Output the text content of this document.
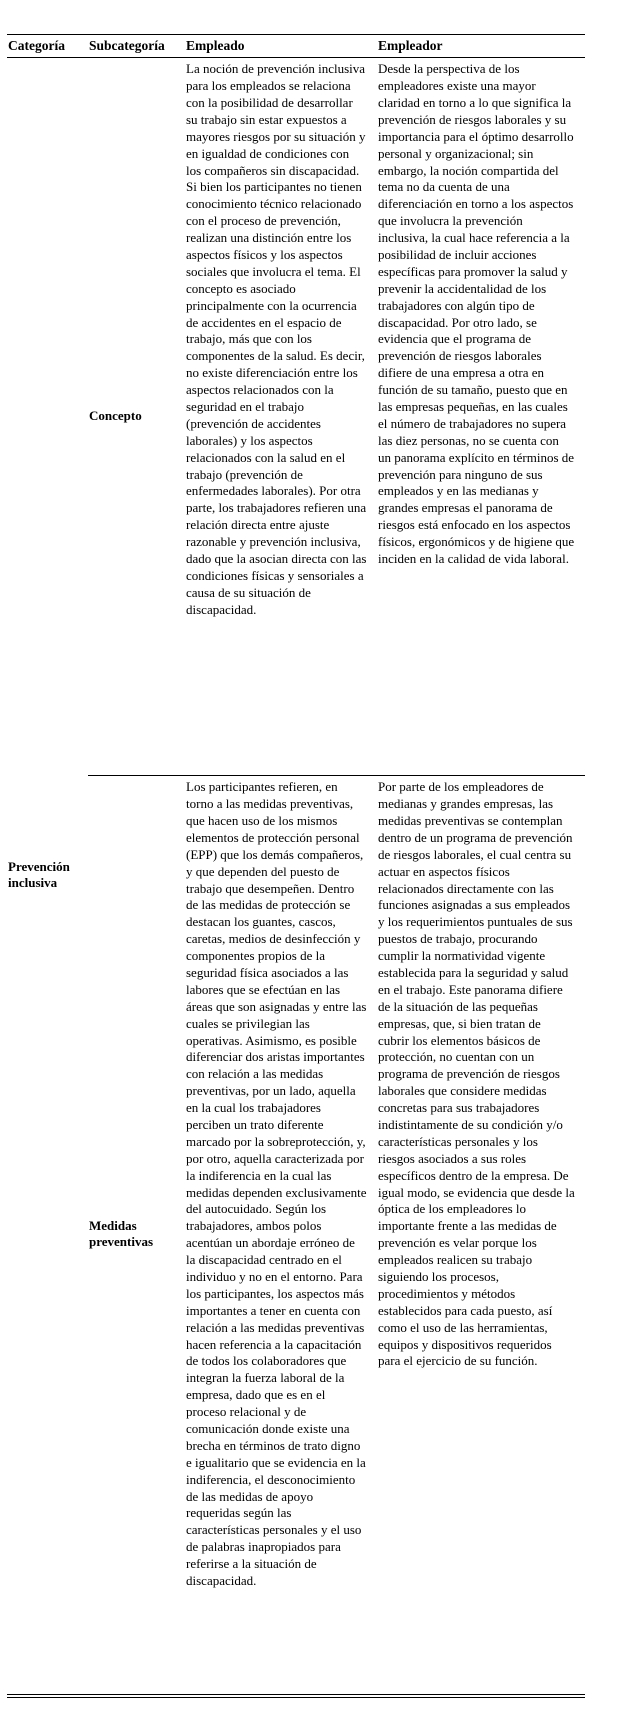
Categoría	Subcategoría	Empleado	Empleador
Prevención inclusiva	Concepto	La noción de prevención inclusiva para los empleados se relaciona con la posibilidad de desarrollar su trabajo sin estar expuestos a mayores riesgos por su situación y en igualdad de condiciones con los compañeros sin discapacidad. Si bien los participantes no tienen conocimiento técnico relacionado con el proceso de prevención, realizan una distinción entre los aspectos físicos y los aspectos sociales que involucra el tema. El concepto es asociado principalmente con la ocurrencia de accidentes en el espacio de trabajo, más que con los componentes de la salud. Es decir, no existe diferenciación entre los aspectos relacionados con la seguridad en el trabajo (prevención de accidentes laborales) y los aspectos relacionados con la salud en el trabajo (prevención de enfermedades laborales). Por otra parte, los trabajadores refieren una relación directa entre ajuste razonable y prevención inclusiva, dado que la asocian directa con las condiciones físicas y sensoriales a causa de su situación de discapacidad.	Desde la perspectiva de los empleadores existe una mayor claridad en torno a lo que significa la prevención de riesgos laborales y su importancia para el óptimo desarrollo personal y organizacional; sin embargo, la noción compartida del tema no da cuenta de una diferenciación en torno a los aspectos que involucra la prevención inclusiva, la cual hace referencia a la posibilidad de incluir acciones específicas para promover la salud y prevenir la accidentalidad de los trabajadores con algún tipo de discapacidad. Por otro lado, se evidencia que el programa de prevención de riesgos laborales difiere de una empresa a otra en función de su tamaño, puesto que en las empresas pequeñas, en las cuales el número de trabajadores no supera las diez personas, no se cuenta con un panorama explícito en términos de prevención para ninguno de sus empleados y en las medianas y grandes empresas el panorama de riesgos está enfocado en los aspectos físicos, ergonómicos y de higiene que inciden en la calidad de vida laboral.
Medidas preventivas	Los participantes refieren, en torno a las medidas preventivas, que hacen uso de los mismos elementos de protección personal (EPP) que los demás compañeros, y que dependen del puesto de trabajo que desempeñen. Dentro de las medidas de protección se destacan los guantes, cascos, caretas, medios de desinfección y componentes propios de la seguridad física asociados a las labores que se efectúan en las áreas que son asignadas y entre las cuales se privilegian las operativas. Asimismo, es posible diferenciar dos aristas importantes con relación a las medidas preventivas, por un lado, aquella en la cual los trabajadores perciben un trato diferente marcado por la sobreprotección, y, por otro, aquella caracterizada por la indiferencia en la cual las medidas dependen exclusivamente del autocuidado. Según los trabajadores, ambos polos acentúan un abordaje erróneo de la discapacidad centrado en el individuo y no en el entorno. Para los participantes, los aspectos más importantes a tener en cuenta con relación a las medidas preventivas hacen referencia a la capacitación de todos los colaboradores que integran la fuerza laboral de la empresa, dado que es en el proceso relacional y de comunicación donde existe una brecha en términos de trato digno e igualitario que se evidencia en la indiferencia, el desconocimiento de las medidas de apoyo requeridas según las características personales y el uso de palabras inapropiados para referirse a la situación de discapacidad.	Por parte de los empleadores de medianas y grandes empresas, las medidas preventivas se contemplan dentro de un programa de prevención de riesgos laborales, el cual centra su actuar en aspectos físicos relacionados directamente con las funciones asignadas a sus empleados y los requerimientos puntuales de sus puestos de trabajo, procurando cumplir la normatividad vigente establecida para la seguridad y salud en el trabajo. Este panorama difiere de la situación de las pequeñas empresas, que, si bien tratan de cubrir los elementos básicos de protección, no cuentan con un programa de prevención de riesgos laborales que considere medidas concretas para sus trabajadores indistintamente de su condición y/o características personales y los riesgos asociados a sus roles específicos dentro de la empresa. De igual modo, se evidencia que desde la óptica de los empleadores lo importante frente a las medidas de prevención es velar porque los empleados realicen su trabajo siguiendo los procesos, procedimientos y métodos establecidos para cada puesto, así como el uso de las herramientas, equipos y dispositivos requeridos para el ejercicio de su función.
